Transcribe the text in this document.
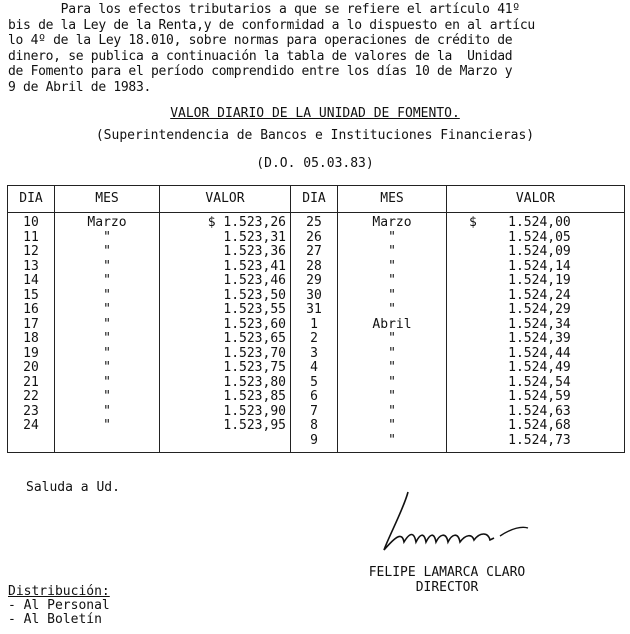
Para los efectos tributarios a que se refiere el artículo 41º
bis de la Ley de la Renta,y de conformidad a lo dispuesto en al artícu
lo 4º de la Ley 18.010, sobre normas para operaciones de crédito de
dinero, se publica a continuación la tabla de valores de la  Unidad
de Fomento para el período comprendido entre los días 10 de Marzo y
9 de Abril de 1983.
VALOR DIARIO DE LA UNIDAD DE FOMENTO.
(Superintendencia de Bancos e Instituciones Financieras)
(D.O. 05.03.83)
DIA	MES	VALOR	DIA	MES	VALOR
10	Marzo	$ 1.523,26	25	Marzo	$    1.524,00
11	"	1.523,31	26	"	1.524,05
12	"	1.523,36	27	"	1.524,09
13	"	1.523,41	28	"	1.524,14
14	"	1.523,46	29	"	1.524,19
15	"	1.523,50	30	"	1.524,24
16	"	1.523,55	31	"	1.524,29
17	"	1.523,60	1	Abril	1.524,34
18	"	1.523,65	2	"	1.524,39
19	"	1.523,70	3	"	1.524,44
20	"	1.523,75	4	"	1.524,49
21	"	1.523,80	5	"	1.524,54
22	"	1.523,85	6	"	1.524,59
23	"	1.523,90	7	"	1.524,63
24	"	1.523,95	8	"	1.524,68
			9	"	1.524,73
Saluda a Ud.
FELIPE LAMARCA CLARO
DIRECTOR
Distribución:
- Al Personal
- Al Boletín
